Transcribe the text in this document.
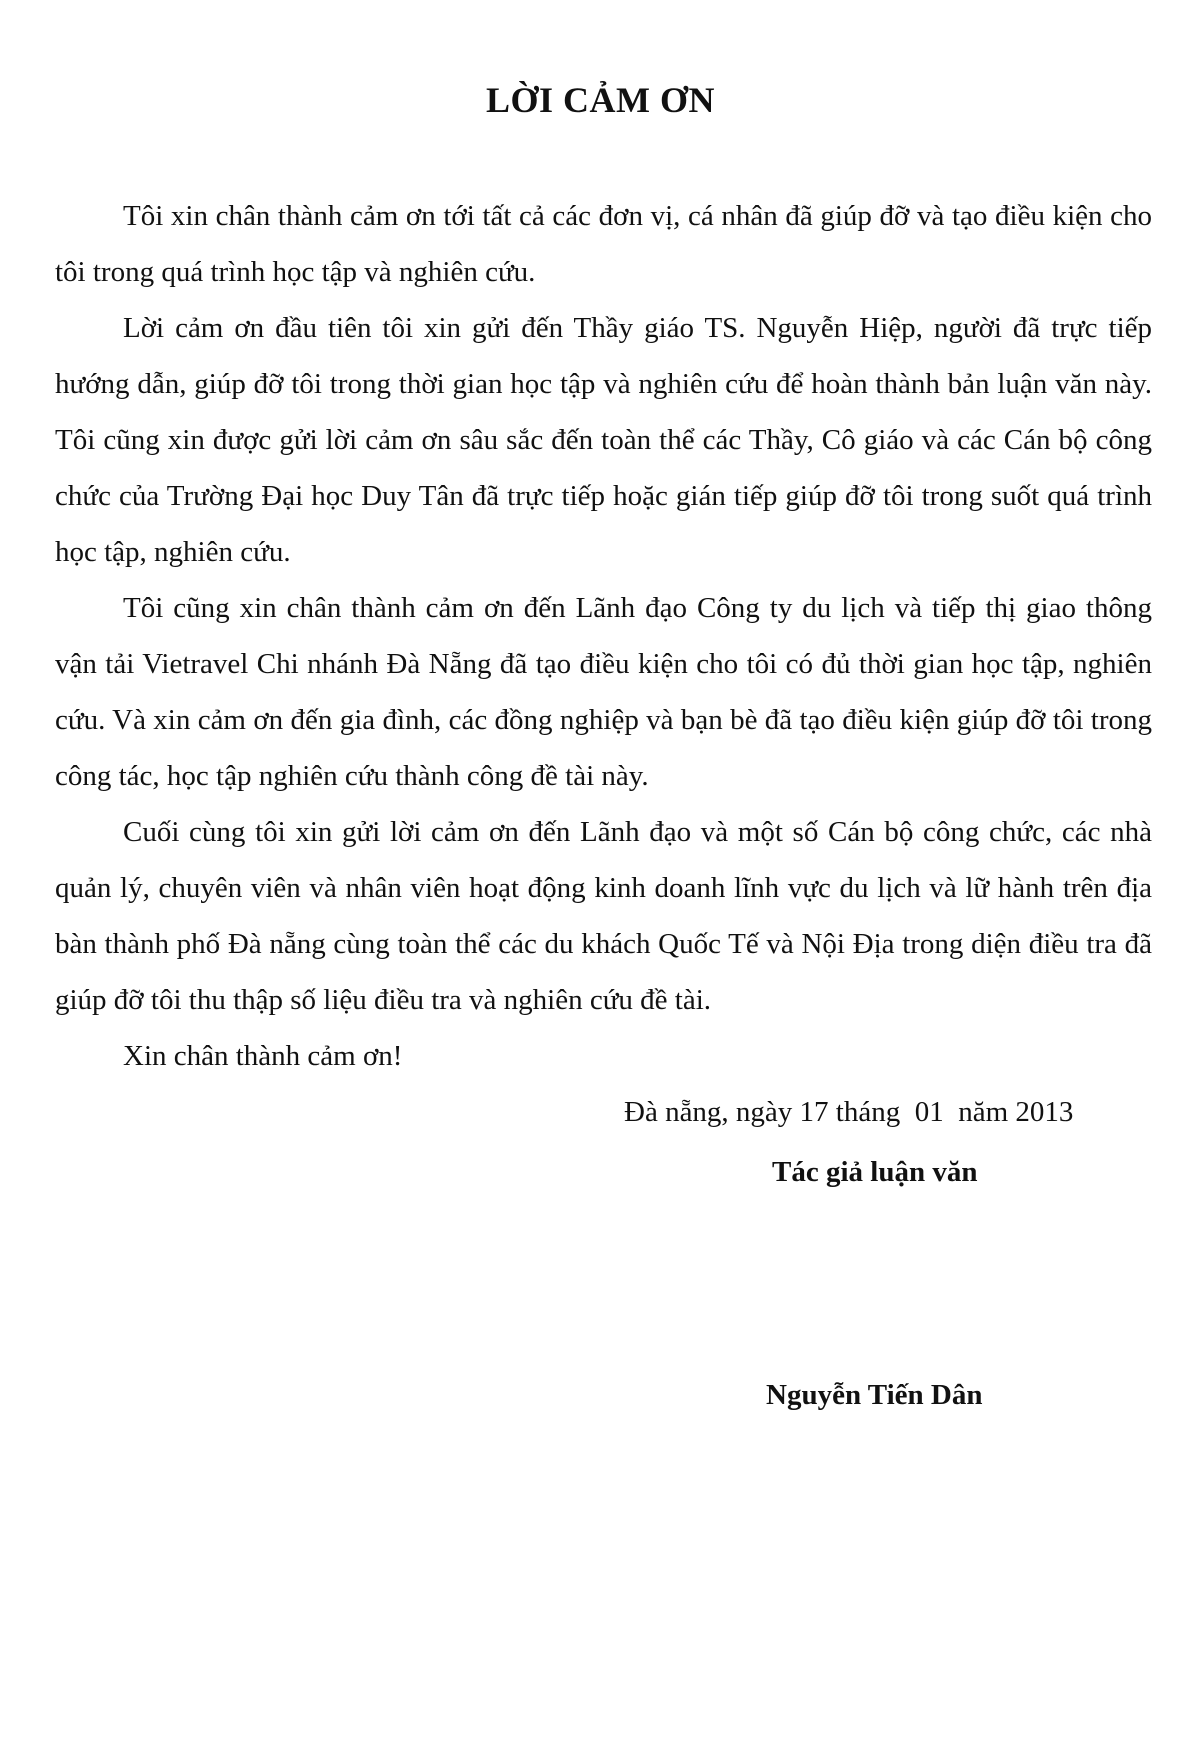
LỜI CẢM ƠN

Tôi xin chân thành cảm ơn tới tất cả các đơn vị, cá nhân đã giúp đỡ và tạo điều kiện cho tôi trong quá trình học tập và nghiên cứu.

Lời cảm ơn đầu tiên tôi xin gửi đến Thầy giáo TS. Nguyễn Hiệp, người đã trực tiếp hướng dẫn, giúp đỡ tôi trong thời gian học tập và nghiên cứu để hoàn thành bản luận văn này. Tôi cũng xin được gửi lời cảm ơn sâu sắc đến toàn thể các Thầy, Cô giáo và các Cán bộ công chức của Trường Đại học Duy Tân đã trực tiếp hoặc gián tiếp giúp đỡ tôi trong suốt quá trình học tập, nghiên cứu.

Tôi cũng xin chân thành cảm ơn đến Lãnh đạo Công ty du lịch và tiếp thị giao thông vận tải Vietravel Chi nhánh Đà Nẵng đã tạo điều kiện cho tôi có đủ thời gian học tập, nghiên cứu. Và xin cảm ơn đến gia đình, các đồng nghiệp và bạn bè đã tạo điều kiện giúp đỡ tôi trong công tác, học tập nghiên cứu thành công đề tài này.

Cuối cùng tôi xin gửi lời cảm ơn đến Lãnh đạo và một số Cán bộ công chức, các nhà quản lý, chuyên viên và nhân viên hoạt động kinh doanh lĩnh vực du lịch và lữ hành trên địa bàn thành phố Đà nẵng cùng toàn thể các du khách Quốc Tế và Nội Địa trong diện điều tra đã giúp đỡ tôi thu thập số liệu điều tra và nghiên cứu đề tài.

Xin chân thành cảm ơn!

Đà nẵng, ngày 17 tháng  01  năm 2013
Tác giả luận văn
Nguyễn Tiến Dân
